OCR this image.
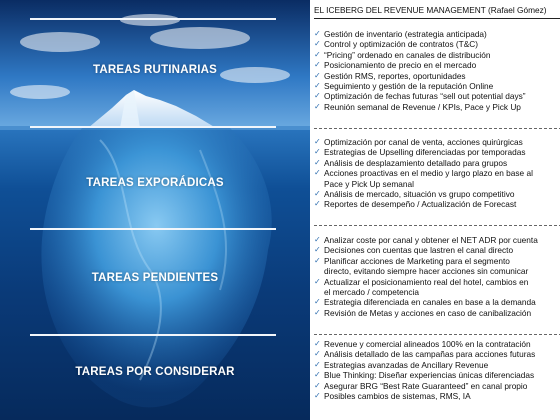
TAREAS RUTINARIAS
TAREAS EXPORÁDICAS
TAREAS PENDIENTES
TAREAS POR CONSIDERAR
EL ICEBERG DEL REVENUE MANAGEMENT (Rafael Gómez)
✓ Gestión de inventario (estrategia anticipada)
✓ Control y optimización de contratos (T&C)
✓ “Pricing” ordenado en canales de distribución
✓ Posicionamiento de precio en el mercado
✓ Gestión RMS, reportes, oportunidades
✓ Seguimiento y gestión de la reputación Online
✓ Optimización de fechas futuras “sell out potential days”
✓ Reunión semanal de Revenue / KPIs, Pace y Pick Up
✓ Optimización por canal de venta, acciones quirúrgicas
✓ Estrategias de Upselling diferenciadas por temporadas
✓ Análisis de desplazamiento detallado para grupos
✓ Acciones proactivas en el medio y largo plazo en base al
Pace y Pick Up semanal
✓ Análisis de mercado, situación vs grupo competitivo
✓ Reportes de desempeño / Actualización de Forecast
✓ Analizar coste por canal y obtener el NET ADR por cuenta
✓ Decisiones con cuentas que lastren el canal directo
✓ Planificar acciones de Marketing para el segmento
directo, evitando siempre hacer acciones sin comunicar
✓ Actualizar el posicionamiento real del hotel, cambios en
el mercado / competencia
✓ Estrategia diferenciada en canales en base a la demanda
✓ Revisión de Metas y acciones en caso de canibalización
✓ Revenue y comercial alineados 100% en la contratación
✓ Análisis detallado de las campañas para acciones futuras
✓ Estrategias avanzadas de Ancillary Revenue
✓ Blue Thinking: Diseñar experiencias únicas diferenciadas
✓ Asegurar BRG “Best Rate Guaranteed” en canal propio
✓ Posibles cambios de sistemas, RMS, IA
